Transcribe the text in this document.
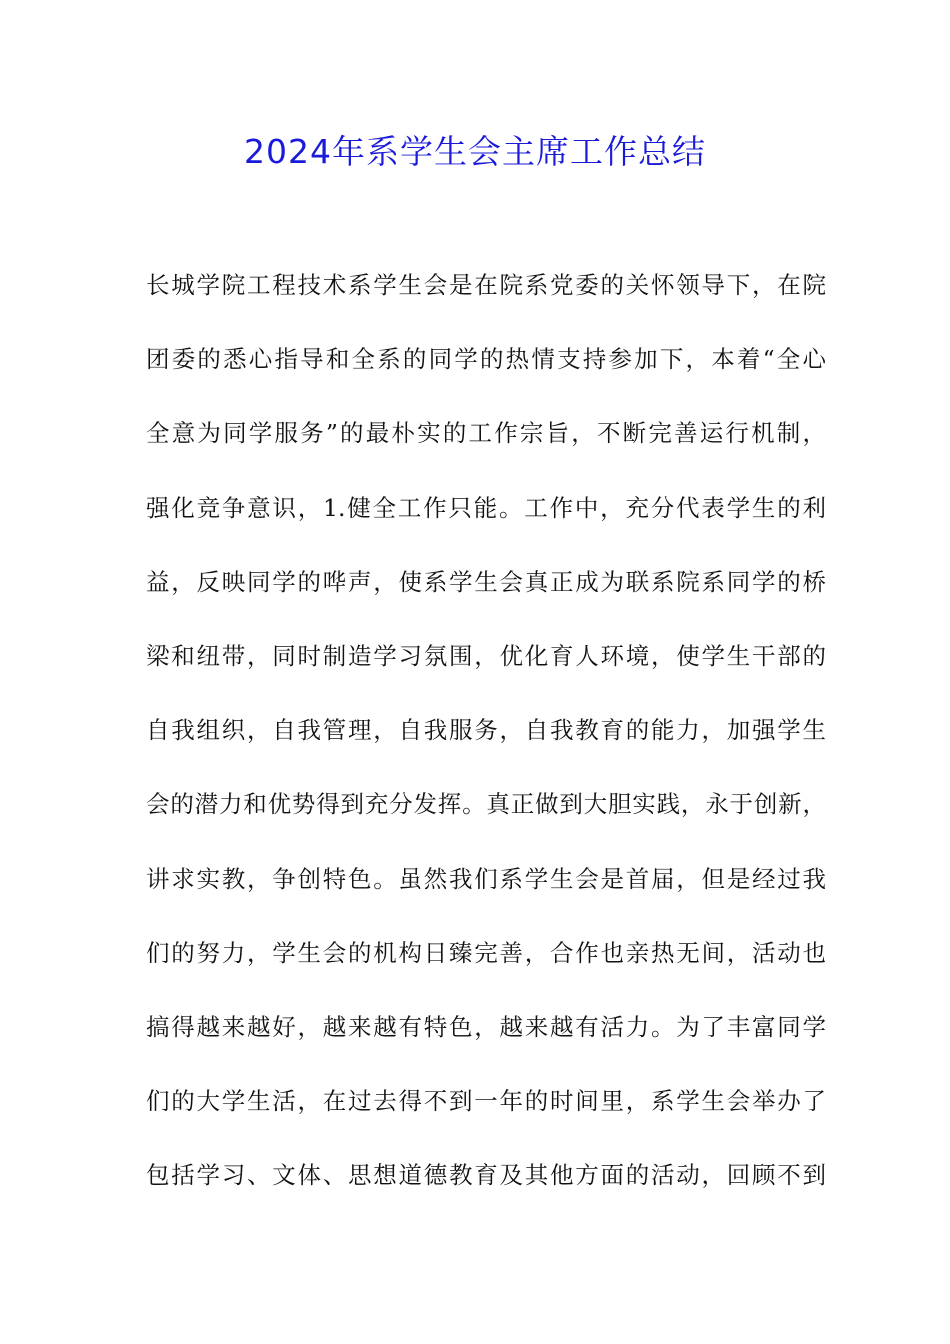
2024年系学生会主席工作总结
长城学院工程技术系学生会是在院系党委的关怀领导下，在院
团委的悉心指导和全系的同学的热情支持参加下，本着“全心
全意为同学服务”的最朴实的工作宗旨，不断完善运行机制，
强化竞争意识，1.健全工作只能。工作中，充分代表学生的利
益，反映同学的哗声，使系学生会真正成为联系院系同学的桥
梁和纽带，同时制造学习氛围，优化育人环境，使学生干部的
自我组织，自我管理，自我服务，自我教育的能力，加强学生
会的潜力和优势得到充分发挥。真正做到大胆实践，永于创新，
讲求实教，争创特色。虽然我们系学生会是首届，但是经过我
们的努力，学生会的机构日臻完善，合作也亲热无间，活动也
搞得越来越好，越来越有特色，越来越有活力。为了丰富同学
们的大学生活，在过去得不到一年的时间里，系学生会举办了
包括学习、文体、思想道德教育及其他方面的活动，回顾不到
